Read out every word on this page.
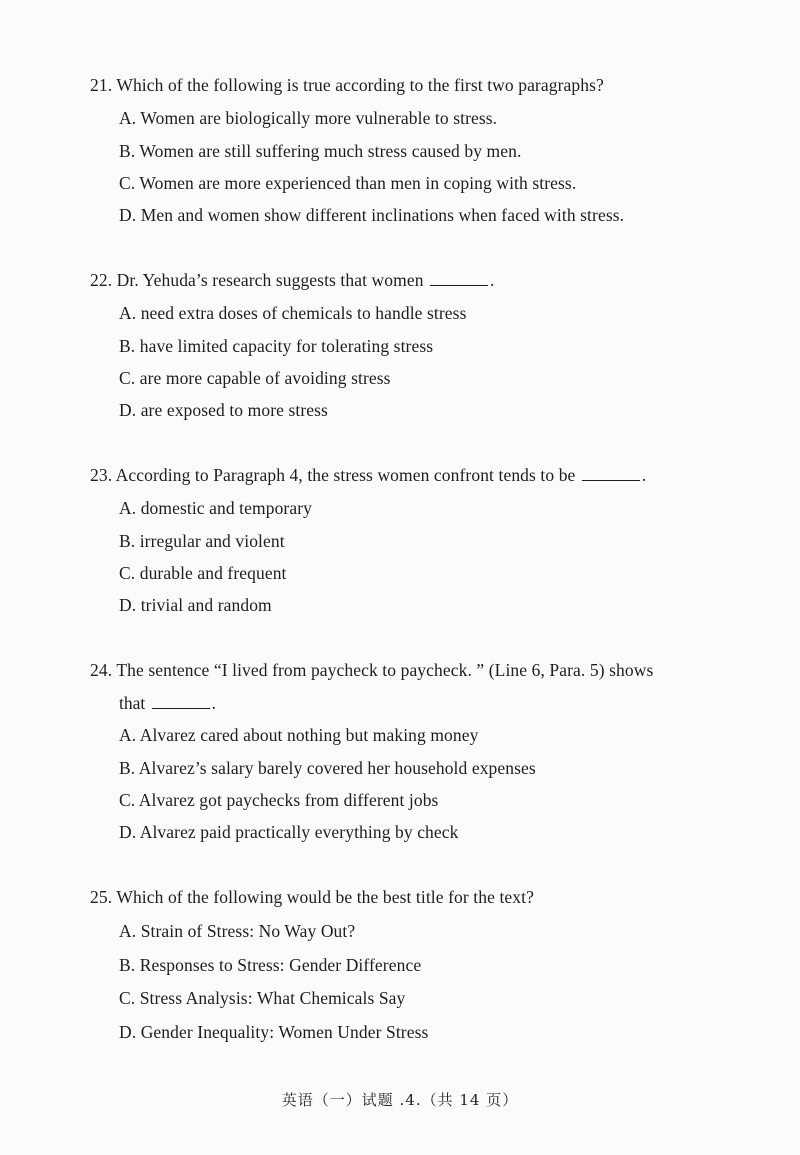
21. Which of the following is true according to the first two paragraphs?
A. Women are biologically more vulnerable to stress.
B. Women are still suffering much stress caused by men.
C. Women are more experienced than men in coping with stress.
D. Men and women show different inclinations when faced with stress.
22. Dr. Yehuda’s research suggests that women	.
A. need extra doses of chemicals to handle stress
B. have limited capacity for tolerating stress
C. are more capable of avoiding stress
D. are exposed to more stress
23. According to Paragraph 4, the stress women confront tends to be	.
A. domestic and temporary
B. irregular and violent
C. durable and frequent
D. trivial and random
24. The sentence “I lived from paycheck to paycheck. ” (Line 6, Para. 5) shows
that	.
A. Alvarez cared about nothing but making money
B. Alvarez’s salary barely covered her household expenses
C. Alvarez got paychecks from different jobs
D. Alvarez paid practically everything by check
25. Which of the following would be the best title for the text?
A. Strain of Stress: No Way Out?
B. Responses to Stress: Gender Difference
C. Stress Analysis: What Chemicals Say
D. Gender Inequality: Women Under Stress
英语（一）试题 .4.（共 14 页）
